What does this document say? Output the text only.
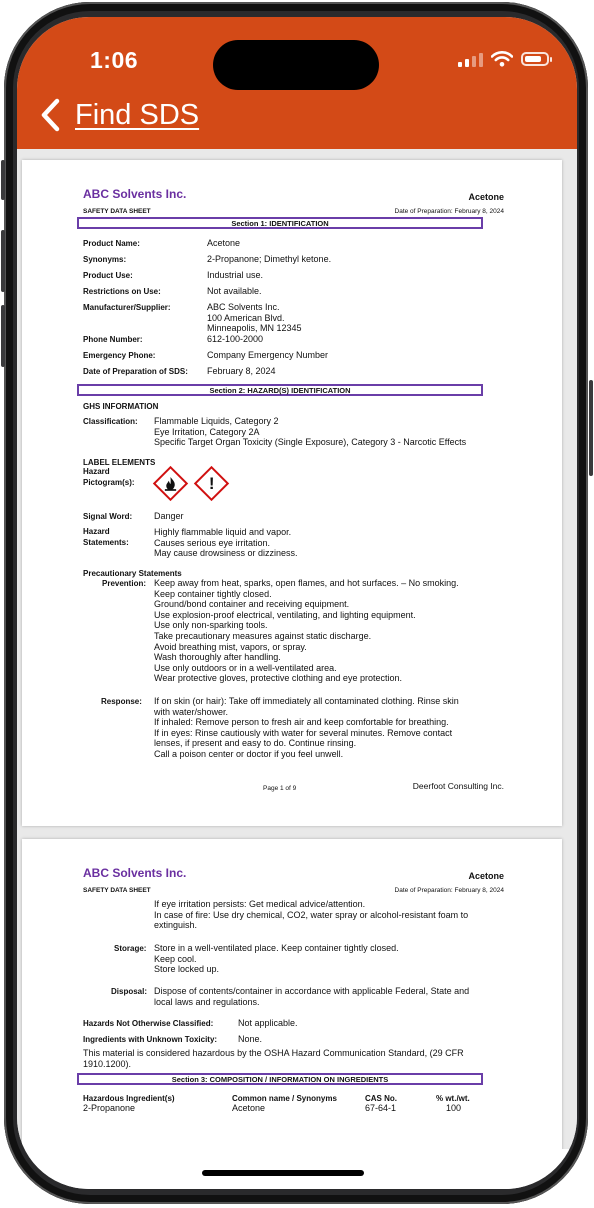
1:06
Find SDS
ABC Solvents Inc.
SAFETY DATA SHEET
Acetone
Date of Preparation: February 8, 2024
Section 1: IDENTIFICATION
Product Name:	Acetone
Synonyms:	2-Propanone; Dimethyl ketone.
Product Use:	Industrial use.
Restrictions on Use:	Not available.
Manufacturer/Supplier:	ABC Solvents Inc.
100 American Blvd.
Minneapolis, MN 12345
Phone Number:	612-100-2000
Emergency Phone:	Company Emergency Number
Date of Preparation of SDS: February 8, 2024
Section 2: HAZARD(S) IDENTIFICATION
GHS INFORMATION
Classification: Flammable Liquids, Category 2
Eye Irritation, Category 2A
Specific Target Organ Toxicity (Single Exposure), Category 3 - Narcotic Effects
LABEL ELEMENTS
Hazard
Pictogram(s):	!
Signal Word: Danger
Hazard
Statements:
Highly flammable liquid and vapor.
Causes serious eye irritation.
May cause drowsiness or dizziness.
Precautionary Statements
Prevention: Keep away from heat, sparks, open flames, and hot surfaces. – No smoking.
Keep container tightly closed.
Ground/bond container and receiving equipment.
Use explosion-proof electrical, ventilating, and lighting equipment.
Use only non-sparking tools.
Take precautionary measures against static discharge.
Avoid breathing mist, vapors, or spray.
Wash thoroughly after handling.
Use only outdoors or in a well-ventilated area.
Wear protective gloves, protective clothing and eye protection.
Response: If on skin (or hair): Take off immediately all contaminated clothing. Rinse skin
with water/shower.
If inhaled: Remove person to fresh air and keep comfortable for breathing.
If in eyes: Rinse cautiously with water for several minutes. Remove contact
lenses, if present and easy to do. Continue rinsing.
Call a poison center or doctor if you feel unwell.
Page 1 of 9	Deerfoot Consulting Inc.
ABC Solvents Inc.
SAFETY DATA SHEET
Acetone
Date of Preparation: February 8, 2024
If eye irritation persists: Get medical advice/attention.
In case of fire: Use dry chemical, CO2, water spray or alcohol-resistant foam to
extinguish.
Storage: Store in a well-ventilated place. Keep container tightly closed.
Keep cool.
Store locked up.
Disposal: Dispose of contents/container in accordance with applicable Federal, State and
local laws and regulations.
Hazards Not Otherwise Classified:	Not applicable.
Ingredients with Unknown Toxicity: None.
This material is considered hazardous by the OSHA Hazard Communication Standard, (29 CFR
1910.1200).
Section 3: COMPOSITION / INFORMATION ON INGREDIENTS
Hazardous Ingredient(s)	Common name / Synonyms	CAS No.	% wt./wt.
2-Propanone	Acetone	67-64-1	100
